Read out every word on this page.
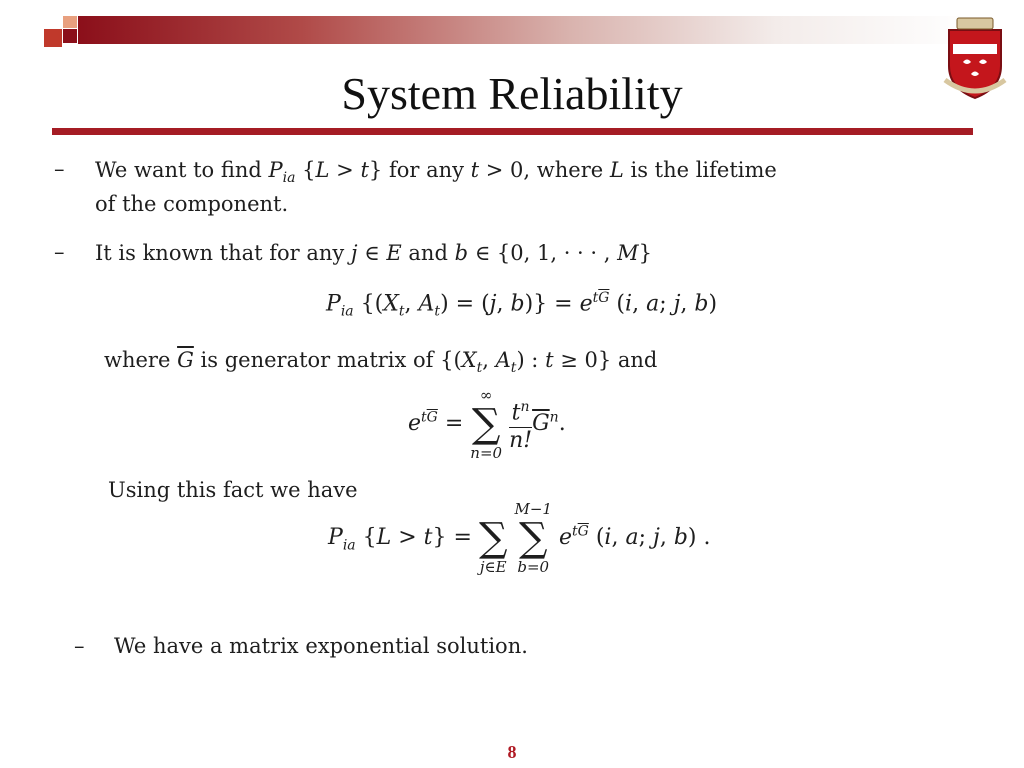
System Reliability
– We want to find $P_{ia}$ {L > t} for any t > 0, where L is the lifetime
of the component.
– It is known that for any j ∈ E and b ∈ {0, 1, · · · , M}
$P_{ia}$ {($X_t$, $A_t) = (j$, $b)\} = e^{t\overline{G}}$ (i, a; j, b)
where $\overline{G}$ is generator matrix of {($X_t$, $A_t$) : t ≥ 0} and
$e^{t\overline{G}}$ =
∞
∑
n=0
$\frac{t^n}{n!} \overline{G}^n$.
Using this fact we have
$P_{ia}$ {L > t} =
∑
j∈E

M−1
∑
b=0
$e^{t\overline{G}}$ (i, a; j, b) .
– We have a matrix exponential solution.
8
